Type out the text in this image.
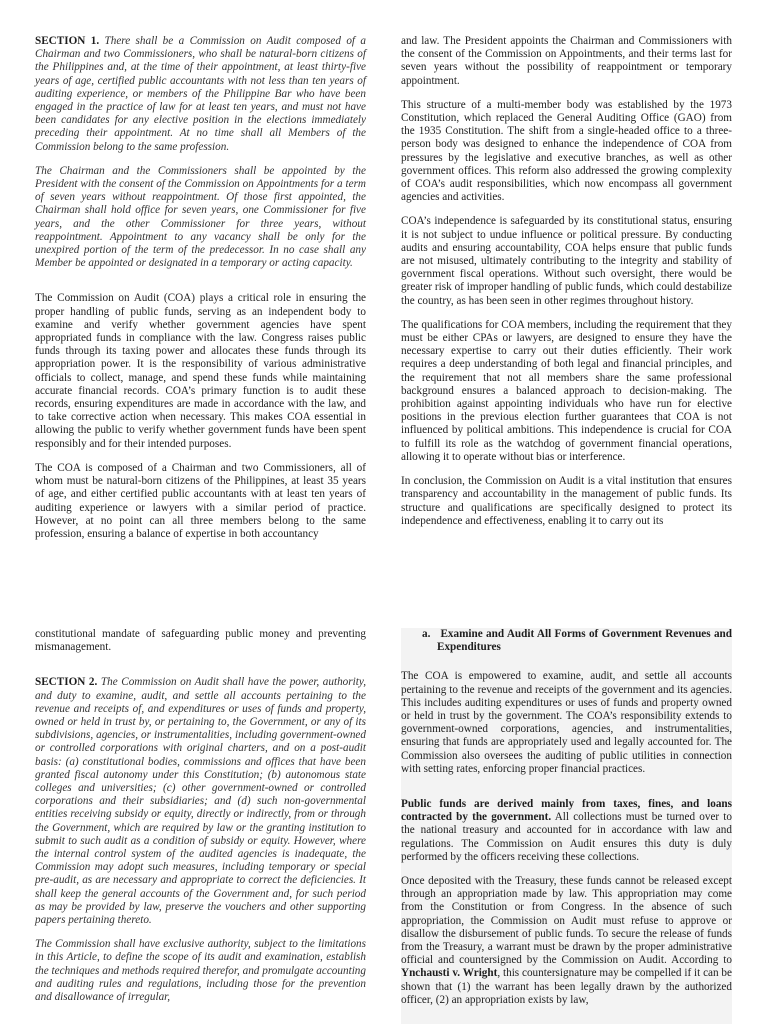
SECTION 1. There shall be a Commission on Audit composed of a Chairman and two Commissioners, who shall be natural-born citizens of the Philippines and, at the time of their appointment, at least thirty-five years of age, certified public accountants with not less than ten years of auditing experience, or members of the Philippine Bar who have been engaged in the practice of law for at least ten years, and must not have been candidates for any elective position in the elections immediately preceding their appointment. At no time shall all Members of the Commission belong to the same profession.

The Chairman and the Commissioners shall be appointed by the President with the consent of the Commission on Appointments for a term of seven years without reappointment. Of those first appointed, the Chairman shall hold office for seven years, one Commissioner for five years, and the other Commissioner for three years, without reappointment. Appointment to any vacancy shall be only for the unexpired portion of the term of the predecessor. In no case shall any Member be appointed or designated in a temporary or acting capacity.

The Commission on Audit (COA) plays a critical role in ensuring the proper handling of public funds, serving as an independent body to examine and verify whether government agencies have spent appropriated funds in compliance with the law. Congress raises public funds through its taxing power and allocates these funds through its appropriation power. It is the responsibility of various administrative officials to collect, manage, and spend these funds while maintaining accurate financial records. COA’s primary function is to audit these records, ensuring expenditures are made in accordance with the law, and to take corrective action when necessary. This makes COA essential in allowing the public to verify whether government funds have been spent responsibly and for their intended purposes.

The COA is composed of a Chairman and two Commissioners, all of whom must be natural-born citizens of the Philippines, at least 35 years of age, and either certified public accountants with at least ten years of auditing experience or lawyers with a similar period of practice. However, at no point can all three members belong to the same profession, ensuring a balance of expertise in both accountancy

and law. The President appoints the Chairman and Commissioners with the consent of the Commission on Appointments, and their terms last for seven years without the possibility of reappointment or temporary appointment.

This structure of a multi-member body was established by the 1973 Constitution, which replaced the General Auditing Office (GAO) from the 1935 Constitution. The shift from a single-headed office to a three-person body was designed to enhance the independence of COA from pressures by the legislative and executive branches, as well as other government offices. This reform also addressed the growing complexity of COA’s audit responsibilities, which now encompass all government agencies and activities.

COA’s independence is safeguarded by its constitutional status, ensuring it is not subject to undue influence or political pressure. By conducting audits and ensuring accountability, COA helps ensure that public funds are not misused, ultimately contributing to the integrity and stability of government fiscal operations. Without such oversight, there would be greater risk of improper handling of public funds, which could destabilize the country, as has been seen in other regimes throughout history.

The qualifications for COA members, including the requirement that they must be either CPAs or lawyers, are designed to ensure they have the necessary expertise to carry out their duties efficiently. Their work requires a deep understanding of both legal and financial principles, and the requirement that not all members share the same professional background ensures a balanced approach to decision-making. The prohibition against appointing individuals who have run for elective positions in the previous election further guarantees that COA is not influenced by political ambitions. This independence is crucial for COA to fulfill its role as the watchdog of government financial operations, allowing it to operate without bias or interference.

In conclusion, the Commission on Audit is a vital institution that ensures transparency and accountability in the management of public funds. Its structure and qualifications are specifically designed to protect its independence and effectiveness, enabling it to carry out its

constitutional mandate of safeguarding public money and preventing mismanagement.

SECTION 2. The Commission on Audit shall have the power, authority, and duty to examine, audit, and settle all accounts pertaining to the revenue and receipts of, and expenditures or uses of funds and property, owned or held in trust by, or pertaining to, the Government, or any of its subdivisions, agencies, or instrumentalities, including government-owned or controlled corporations with original charters, and on a post-audit basis: (a) constitutional bodies, commissions and offices that have been granted fiscal autonomy under this Constitution; (b) autonomous state colleges and universities; (c) other government-owned or controlled corporations and their subsidiaries; and (d) such non-governmental entities receiving subsidy or equity, directly or indirectly, from or through the Government, which are required by law or the granting institution to submit to such audit as a condition of subsidy or equity. However, where the internal control system of the audited agencies is inadequate, the Commission may adopt such measures, including temporary or special pre-audit, as are necessary and appropriate to correct the deficiencies. It shall keep the general accounts of the Government and, for such period as may be provided by law, preserve the vouchers and other supporting papers pertaining thereto.

The Commission shall have exclusive authority, subject to the limitations in this Article, to define the scope of its audit and examination, establish the techniques and methods required therefor, and promulgate accounting and auditing rules and regulations, including those for the prevention and disallowance of irregular,

a. Examine and Audit All Forms of Government Revenues and Expenditures

The COA is empowered to examine, audit, and settle all accounts pertaining to the revenue and receipts of the government and its agencies. This includes auditing expenditures or uses of funds and property owned or held in trust by the government. The COA’s responsibility extends to government-owned corporations, agencies, and instrumentalities, ensuring that funds are appropriately used and legally accounted for. The Commission also oversees the auditing of public utilities in connection with setting rates, enforcing proper financial practices.

Public funds are derived mainly from taxes, fines, and loans contracted by the government. All collections must be turned over to the national treasury and accounted for in accordance with law and regulations. The Commission on Audit ensures this duty is duly performed by the officers receiving these collections.

Once deposited with the Treasury, these funds cannot be released except through an appropriation made by law. This appropriation may come from the Constitution or from Congress. In the absence of such appropriation, the Commission on Audit must refuse to approve or disallow the disbursement of public funds. To secure the release of funds from the Treasury, a warrant must be drawn by the proper administrative official and countersigned by the Commission on Audit. According to Ynchausti v. Wright, this countersignature may be compelled if it can be shown that (1) the warrant has been legally drawn by the authorized officer, (2) an appropriation exists by law,
